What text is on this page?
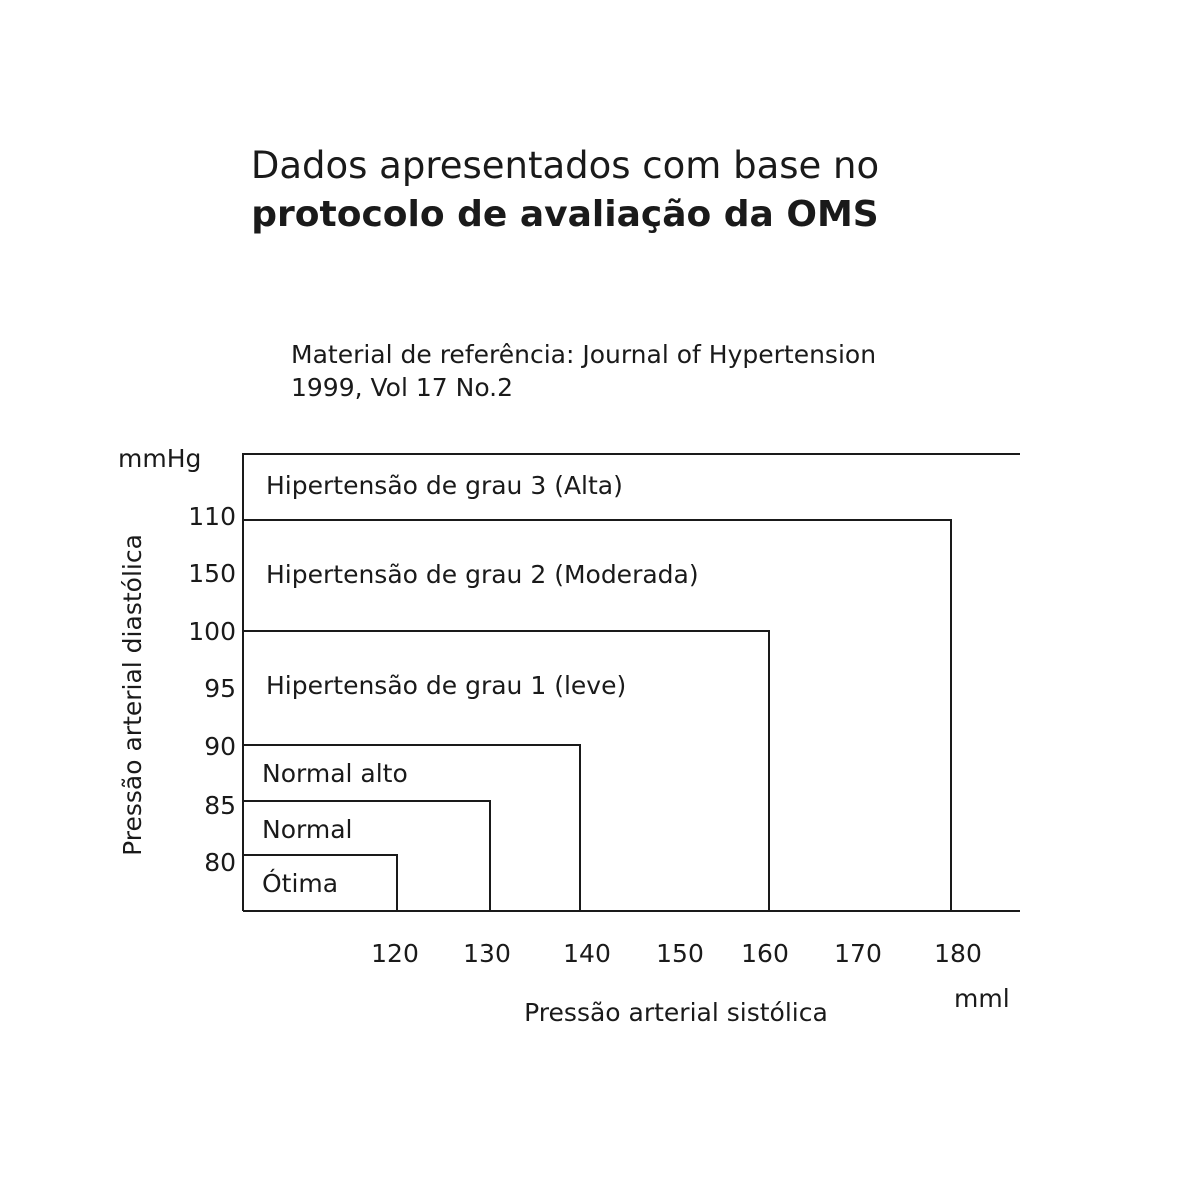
Dados apresentados com base no
protocolo de avaliação da OMS
Material de referência: Journal of Hypertension
1999, Vol 17 No.2
Ótima
Normal
Normal alto
Hipertensão de grau 1 (leve)
Hipertensão de grau 2 (Moderada)
Hipertensão de grau 3 (Alta)
110
150
100
95
90
85
80
120 130 140 150 160 170 180
mmHg
mml
Pressão arterial sistólica
Pressão arterial diastólica
